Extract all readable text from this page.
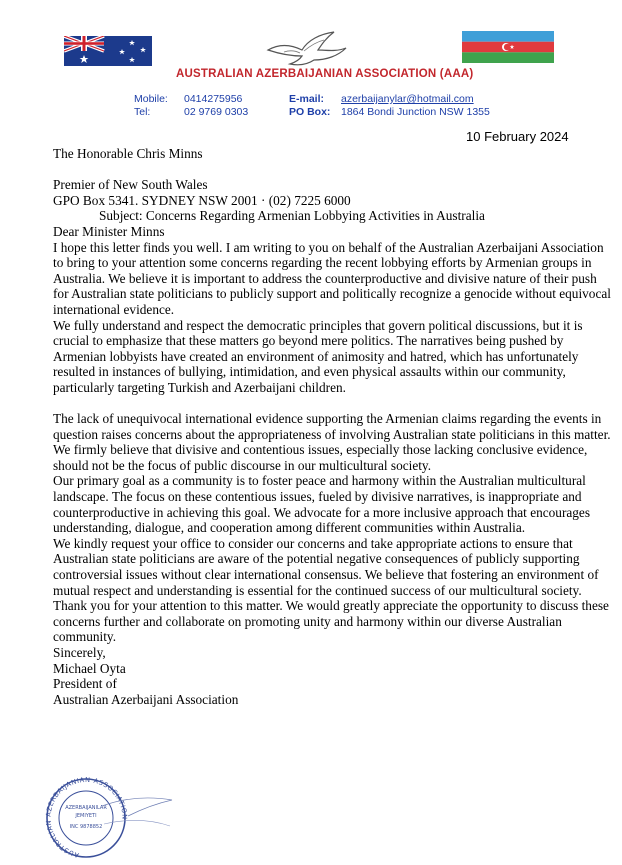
AUSTRALIAN AZERBAIJANIAN ASSOCIATION (AAA)
Mobile: 0414275956
Tel:	02 9769 0303
E-mail: azerbaijanylar@hotmail.com
PO Box: 1864 Bondi Junction NSW 1355
10 February 2024

The Honorable Chris Minns

Premier of New South Wales

GPO Box 5341. SYDNEY NSW 2001 · (02) 7225 6000

Subject: Concerns Regarding Armenian Lobbying Activities in Australia

Dear Minister Minns

I hope this letter finds you well. I am writing to you on behalf of the Australian Azerbaijani Association to bring to your attention some concerns regarding the recent lobbying efforts by Armenian groups in Australia. We believe it is important to address the counterproductive and divisive nature of their push for Australian state politicians to publicly support and politically recognize a genocide without equivocal international evidence.

We fully understand and respect the democratic principles that govern political discussions, but it is crucial to emphasize that these matters go beyond mere politics. The narratives being pushed by Armenian lobbyists have created an environment of animosity and hatred, which has unfortunately resulted in instances of bullying, intimidation, and even physical assaults within our community, particularly targeting Turkish and Azerbaijani children.

The lack of unequivocal international evidence supporting the Armenian claims regarding the events in question raises concerns about the appropriateness of involving Australian state politicians in this matter. We firmly believe that divisive and contentious issues, especially those lacking conclusive evidence, should not be the focus of public discourse in our multicultural society.

Our primary goal as a community is to foster peace and harmony within the Australian multicultural landscape. The focus on these contentious issues, fueled by divisive narratives, is inappropriate and counterproductive in achieving this goal. We advocate for a more inclusive approach that encourages understanding, dialogue, and cooperation among different communities within Australia.

We kindly request your office to consider our concerns and take appropriate actions to ensure that Australian state politicians are aware of the potential negative consequences of publicly supporting controversial issues without clear international consensus. We believe that fostering an environment of mutual respect and understanding is essential for the continued success of our multicultural society.

Thank you for your attention to this matter. We would greatly appreciate the opportunity to discuss these concerns further and collaborate on promoting unity and harmony within our diverse Australian community.

Sincerely,

Michael Oyta

President of

Australian Azerbaijani Association

AUSTRALIAN AZERBAIJANIAN ASSOCIATION
AZERBAIJANILAR
JEMIYETI
INC 9878852
